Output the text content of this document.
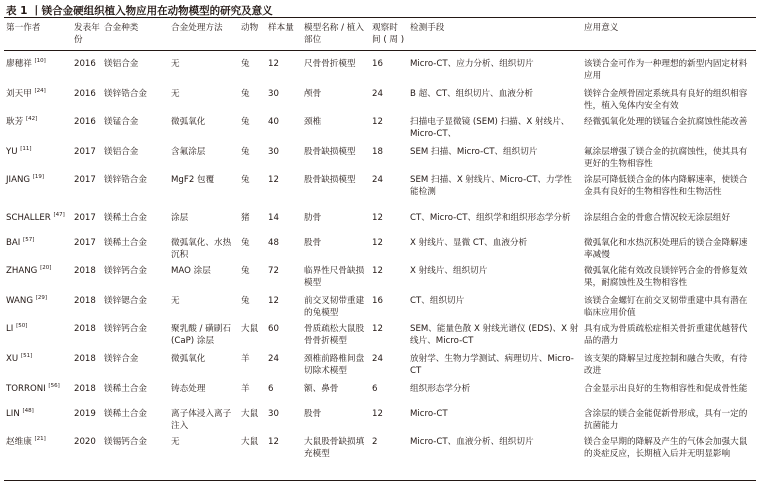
表 1 丨镁合金硬组织植入物应用在动物模型的研究及意义
第一作者	发表年份	合金种类	合金处理方法	动物	样本量	模型名称 / 植入部位	观察时间 ( 周 )	检测手段	应用意义
廖穗祥 [10]	2016	镁铝合金	无	兔	12	尺骨骨折模型	16	Micro-CT、应力分析、组织切片	该镁合金可作为一种理想的新型内固定材料应用
刘天甲 [24]	2016	镁锌锆合金	无	兔	30	颅骨	24	B 超、CT、组织切片、血液分析	镁锌合金颅骨固定系统具有良好的组织相容性，植入兔体内安全有效
耿芳 [42]	2016	镁锰合金	微弧氧化	兔	40	颈椎	12	扫描电子显微镜 (SEM) 扫描、X 射线片、Micro-CT、	经微弧氧化处理的镁锰合金抗腐蚀性能改善
YU [11]	2017	镁铝合金	含氟涂层	兔	30	股骨缺损模型	18	SEM 扫描、Micro-CT、组织切片	氟涂层增强了镁合金的抗腐蚀性，使其具有更好的生物相容性
JIANG [19]	2017	镁锌锆合金	MgF2 包覆	兔	12	股骨缺损模型	24	SEM 扫描、X 射线片、Micro-CT、力学性能检测	涂层可降低镁合金的体内降解速率，使镁合金具有良好的生物相容性和生物活性
SCHALLER [47]	2017	镁稀土合金	涂层	猪	14	肋骨	12	CT、Micro-CT、组织学和组织形态学分析	涂层组合金的骨愈合情况较无涂层组好
BAI [57]	2017	镁稀土合金	微弧氧化、水热沉积	兔	48	股骨	12	X 射线片、显微 CT、血液分析	微弧氧化和水热沉积处理后的镁合金降解速率减慢
ZHANG [20]	2018	镁锌钙合金	MAO 涂层	兔	72	临界性尺骨缺损模型	12	X 射线片、组织切片	微弧氧化能有效改良镁锌钙合金的骨修复效果，耐腐蚀性及生物相容性
WANG [29]	2018	镁锌锶合金	无	兔	12	前交叉韧带重建的兔模型	16	CT、组织切片	该镁合金螺钉在前交叉韧带重建中具有潜在临床应用价值
LI [50]	2018	镁锌钙合金	聚乳酸 / 磺刷石 (CaP) 涂层	大鼠	60	骨质疏松大鼠股骨骨折模型	12	SEM、能量色散 X 射线光谱仪 (EDS)、X 射线片、Micro-CT	具有成为骨质疏松症相关骨折重建优越替代品的潜力
XU [51]	2018	镁锌合金	微弧氧化	羊	24	颈椎前路椎间盘切除术模型	24	放射学、生物力学测试、病理切片、Micro-CT	该支架的降解呈过度控制和融合失败，有待改进
TORRONI [56]	2018	镁稀土合金	铸态处理	羊	6	额、鼻骨	6	组织形态学分析	合金显示出良好的生物相容性和促成骨性能
LIN [48]	2019	镁稀土合金	离子体浸入离子注入	大鼠	30	股骨	12	Micro-CT	含涂层的镁合金能促新骨形成，具有一定的抗菌能力
赵维康 [21]	2020	镁锡钙合金	无	大鼠	12	大鼠股骨缺损填充模型	2	Micro-CT、血液分析、组织切片	镁合金早期的降解及产生的气体会加强大鼠的炎症反应，长期植入后并无明显影响
